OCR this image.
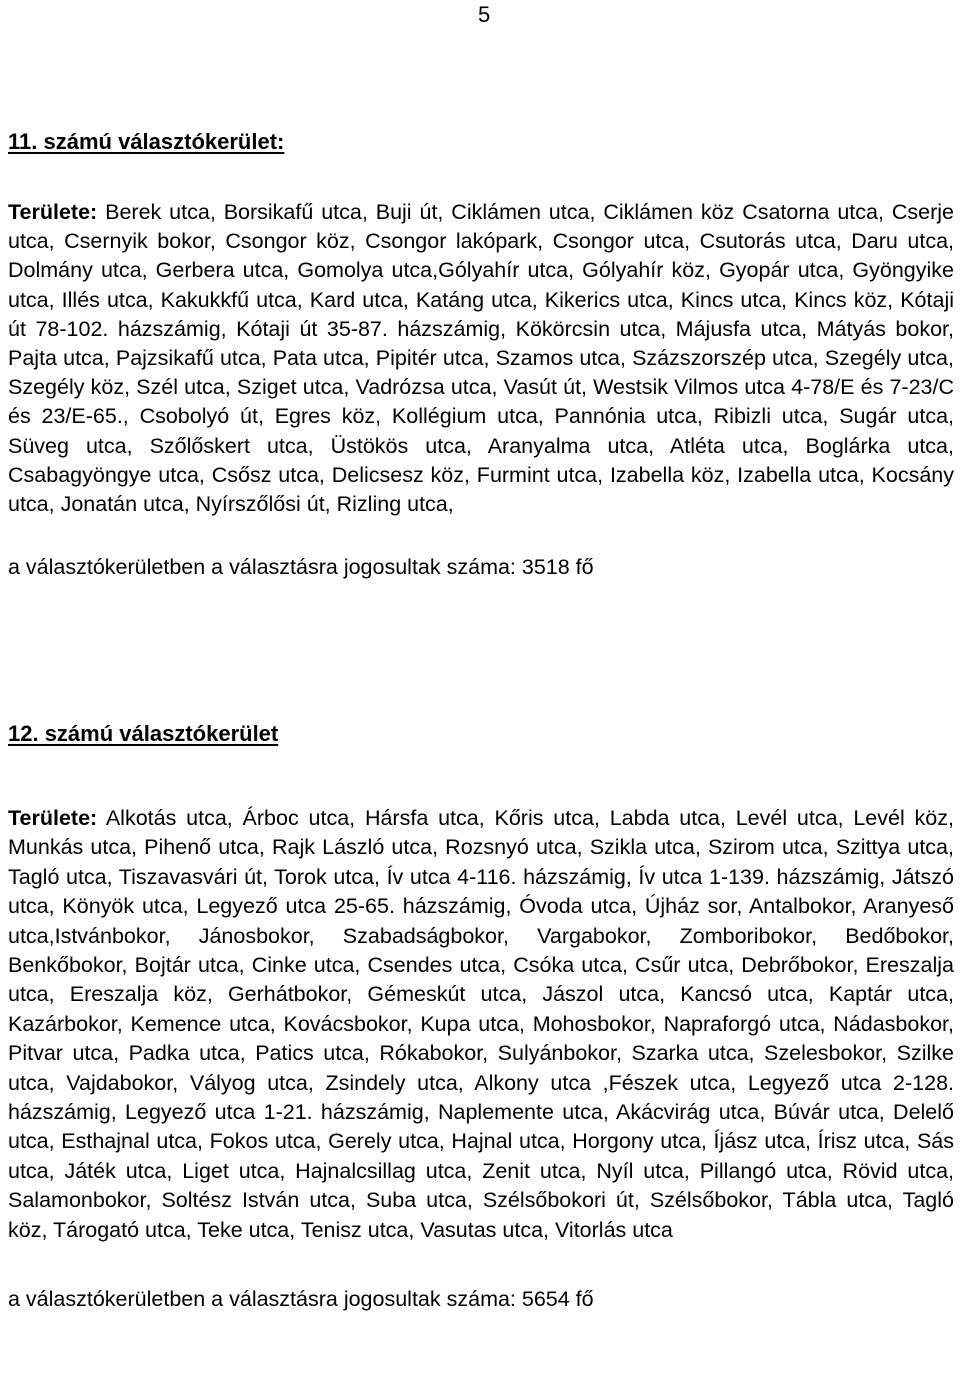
5
11. számú választókerület:

Területe: Berek utca, Borsikafű utca, Buji út, Ciklámen utca, Ciklámen köz Csatorna utca, Cserje utca, Csernyik bokor, Csongor köz, Csongor lakópark, Csongor utca, Csutorás utca, Daru utca, Dolmány utca, Gerbera utca, Gomolya utca,Gólyahír utca, Gólyahír köz, Gyopár utca, Gyöngyike utca, Illés utca, Kakukkfű utca, Kard utca, Katáng utca, Kikerics utca, Kincs utca, Kincs köz, Kótaji út 78-102. házszámig, Kótaji út 35-87. házszámig, Kökörcsin utca, Májusfa utca, Mátyás bokor, Pajta utca, Pajzsikafű utca, Pata utca, Pipitér utca, Szamos utca, Százszorszép utca, Szegély utca, Szegély köz, Szél utca, Sziget utca, Vadrózsa utca, Vasút út, Westsik Vilmos utca 4-78/E és 7-23/C és 23/E-65., Csobolyó út, Egres köz, Kollégium utca, Pannónia utca, Ribizli utca, Sugár utca, Süveg utca, Szőlőskert utca, Üstökös utca, Aranyalma utca, Atléta utca, Boglárka utca, Csabagyöngye utca, Csősz utca, Delicsesz köz, Furmint utca, Izabella köz, Izabella utca, Kocsány utca, Jonatán utca, Nyírszőlősi út, Rizling utca,

a választókerületben a választásra jogosultak száma: 3518 fő

12. számú választókerület

Területe: Alkotás utca, Árboc utca, Hársfa utca, Kőris utca, Labda utca, Levél utca, Levél köz, Munkás utca, Pihenő utca, Rajk László utca, Rozsnyó utca, Szikla utca, Szirom utca, Szittya utca, Tagló utca, Tiszavasvári út, Torok utca, Ív utca 4-116. házszámig, Ív utca 1-139. házszámig, Játszó utca, Könyök utca, Legyező utca 25-65. házszámig, Óvoda utca, Újház sor, Antalbokor, Aranyeső utca,Istvánbokor, Jánosbokor, Szabadságbokor, Vargabokor, Zomboribokor, Bedőbokor, Benkőbokor, Bojtár utca, Cinke utca, Csendes utca, Csóka utca, Csűr utca, Debrőbokor, Ereszalja utca, Ereszalja köz, Gerhátbokor, Gémeskút utca, Jászol utca, Kancsó utca, Kaptár utca, Kazárbokor, Kemence utca, Kovácsbokor, Kupa utca, Mohosbokor, Napraforgó utca, Nádasbokor, Pitvar utca, Padka utca, Patics utca, Rókabokor, Sulyánbokor, Szarka utca, Szelesbokor, Szilke utca, Vajdabokor, Vályog utca, Zsindely utca, Alkony utca ,Fészek utca, Legyező utca 2-128. házszámig, Legyező utca 1-21. házszámig, Naplemente utca, Akácvirág utca, Búvár utca, Delelő utca, Esthajnal utca, Fokos utca, Gerely utca, Hajnal utca, Horgony utca, Íjász utca, Írisz utca, Sás utca, Játék utca, Liget utca, Hajnalcsillag utca, Zenit utca, Nyíl utca, Pillangó utca, Rövid utca, Salamonbokor, Soltész István utca, Suba utca, Szélsőbokori út, Szélsőbokor, Tábla utca, Tagló köz, Tárogató utca, Teke utca, Tenisz utca, Vasutas utca, Vitorlás utca

a választókerületben a választásra jogosultak száma: 5654 fő
